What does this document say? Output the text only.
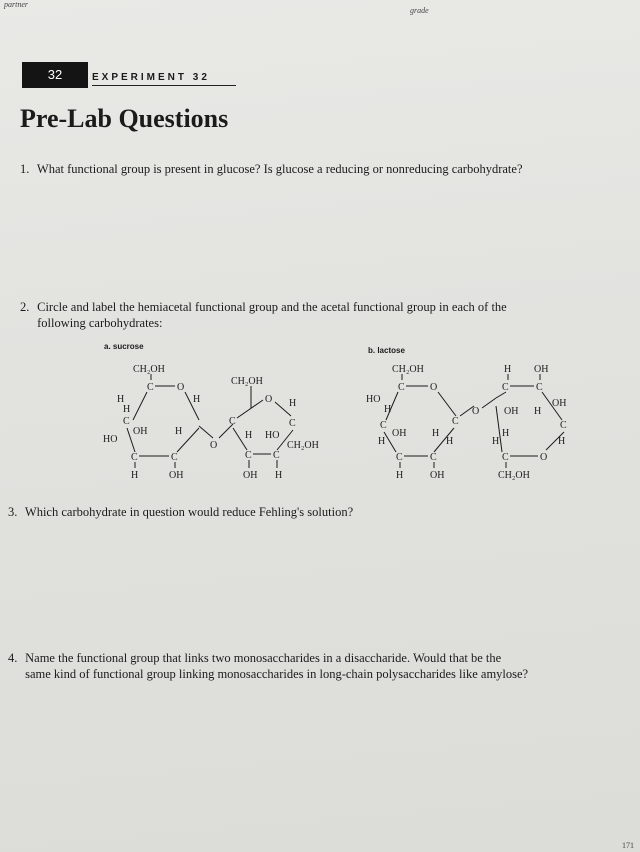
partner
grade
32	EXPERIMENT 32
Pre-Lab Questions
1. What functional group is present in glucose? Is glucose a reducing or nonreducing carbohydrate?
2. Circle and label the hemiacetal functional group and the acetal functional group in each of the
following carbohydrates:
a. sucrose
CH₂OH
C O
H
H
H
C
OH	H
HO
C	C
H	OH
O
CH₂OH
O H
C	C
H HO
CH₂OH
C C
OH H
b. lactose
CH₂OH
C	O
HO
H
C
OH	H
H	H
C
C	C
H	OH
O
H OH
C	C
OH H
OH
C
H
H	H
C	O
CH₂OH
3. Which carbohydrate in question would reduce Fehling's solution?
4. Name the functional group that links two monosaccharides in a disaccharide. Would that be the
same kind of functional group linking monosaccharides in long-chain polysaccharides like amylose?
171
